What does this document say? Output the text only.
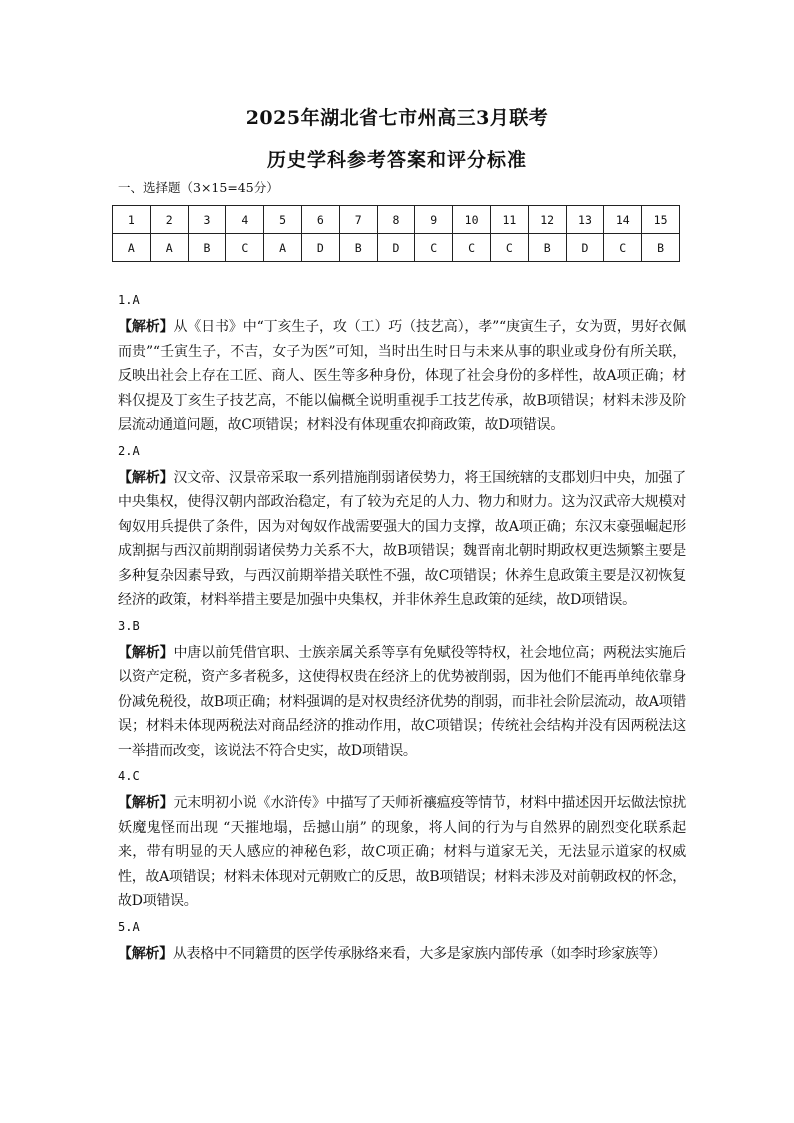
2025年湖北省七市州高三3月联考
历史学科参考答案和评分标准
一、选择题（3×15=45分）
1	2	3	4	5	6	7	8	9	10	11	12	13	14	15
A	A	B	C	A	D	B	D	C	C	C	B	D	C	B
1.A
【解析】从《日书》中“丁亥生子，攻（工）巧（技艺高），孝”“庚寅生子，女为贾，男好衣佩而贵”“壬寅生子，不吉，女子为医”可知，当时出生时日与未来从事的职业或身份有所关联，反映出社会上存在工匠、商人、医生等多种身份，体现了社会身份的多样性，故A项正确；材料仅提及丁亥生子技艺高，不能以偏概全说明重视手工技艺传承，故B项错误；材料未涉及阶层流动通道问题，故C项错误；材料没有体现重农抑商政策，故D项错误。
2.A
【解析】汉文帝、汉景帝采取一系列措施削弱诸侯势力，将王国统辖的支郡划归中央，加强了中央集权，使得汉朝内部政治稳定，有了较为充足的人力、物力和财力。这为汉武帝大规模对匈奴用兵提供了条件，因为对匈奴作战需要强大的国力支撑，故A项正确；东汉末豪强崛起形成割据与西汉前期削弱诸侯势力关系不大，故B项错误；魏晋南北朝时期政权更迭频繁主要是多种复杂因素导致，与西汉前期举措关联性不强，故C项错误；休养生息政策主要是汉初恢复经济的政策，材料举措主要是加强中央集权，并非休养生息政策的延续，故D项错误。
3.B
【解析】中唐以前凭借官职、士族亲属关系等享有免赋役等特权，社会地位高；两税法实施后以资产定税，资产多者税多，这使得权贵在经济上的优势被削弱，因为他们不能再单纯依靠身份减免税役，故B项正确；材料强调的是对权贵经济优势的削弱，而非社会阶层流动，故A项错误；材料未体现两税法对商品经济的推动作用，故C项错误；传统社会结构并没有因两税法这一举措而改变，该说法不符合史实，故D项错误。
4.C
【解析】元末明初小说《水浒传》中描写了天师祈禳瘟疫等情节，材料中描述因开坛做法惊扰妖魔鬼怪而出现 “天摧地塌，岳撼山崩” 的现象，将人间的行为与自然界的剧烈变化联系起来，带有明显的天人感应的神秘色彩，故C项正确；材料与道家无关，无法显示道家的权威性，故A项错误；材料未体现对元朝败亡的反思，故B项错误；材料未涉及对前朝政权的怀念，故D项错误。
5.A
【解析】从表格中不同籍贯的医学传承脉络来看，大多是家族内部传承（如李时珍家族等）
